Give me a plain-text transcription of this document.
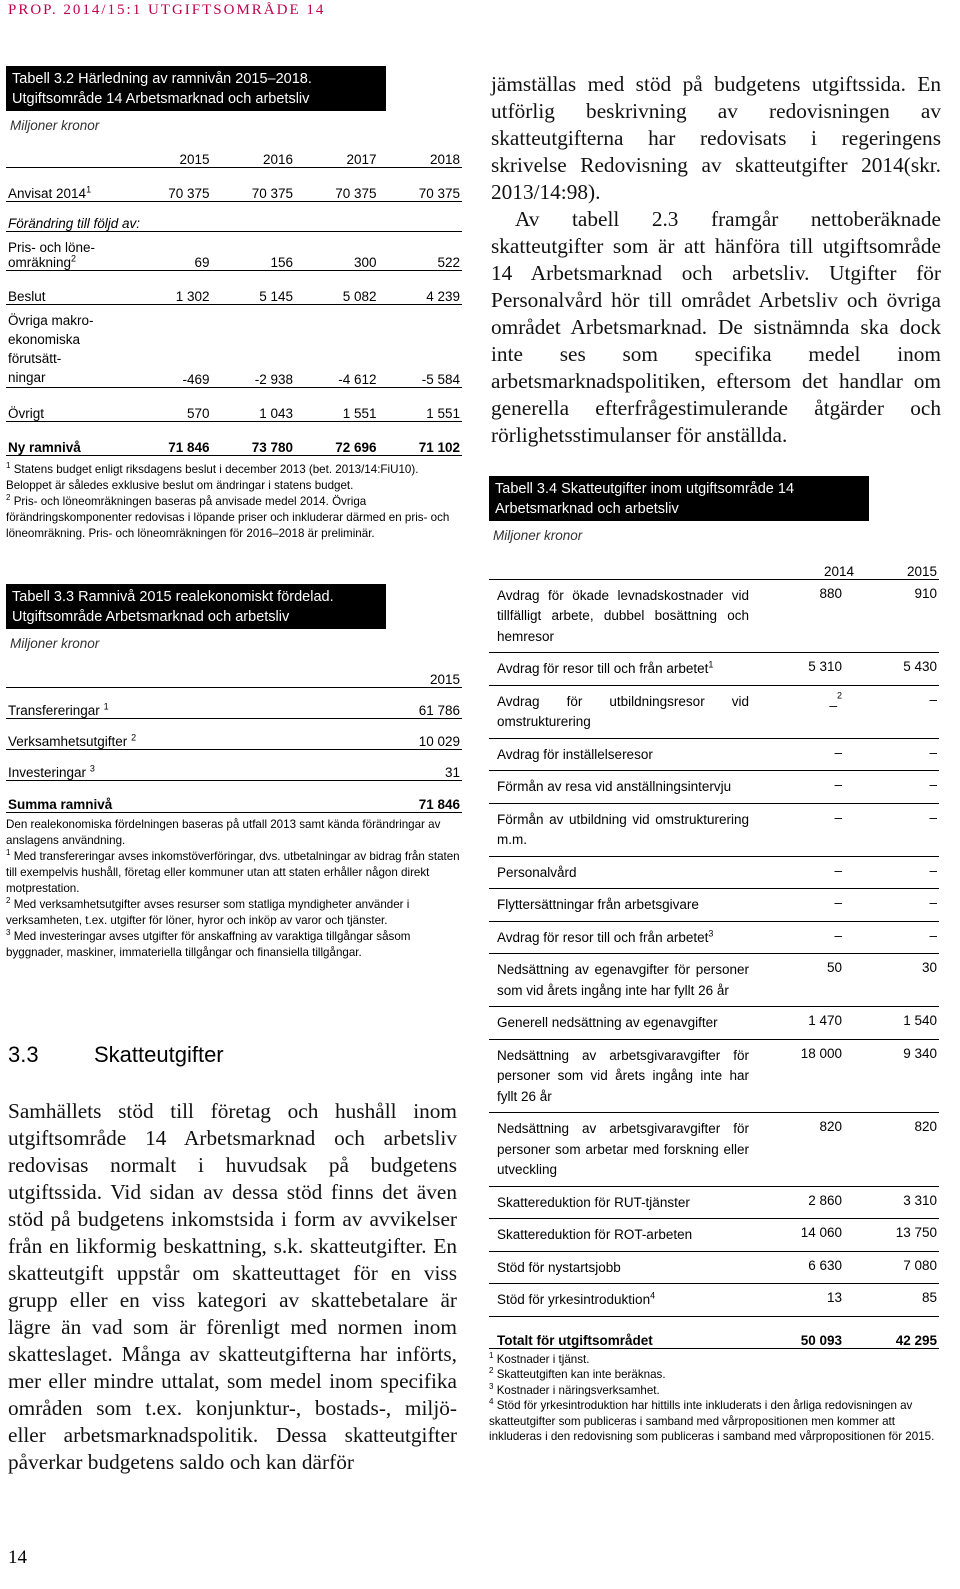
PROP. 2014/15:1 UTGIFTSOMRÅDE 14
Tabell 3.2 Härledning av ramnivån 2015–2018.
Utgiftsområde 14 Arbetsmarknad och arbetsliv
Miljoner kronor
	2015	2016	2017	2018
Anvisat 2014$^1$	70 375	70 375	70 375	70 375
Förändring till följd av:				

Pris- och löne-
omräkning$^2$	69	156	300	522
Beslut	1 302	5 145	5 082	4 239

Övriga makro-
ekonomiska
förutsätt-
ningar	-469	-2 938	-4 612	-5 584
Övrigt	570	1 043	1 551	1 551
Ny ramnivå	71 846	73 780	72 696	71 102
$^1$ Statens budget enligt riksdagens beslut i december 2013 (bet. 2013/14:FiU10). Beloppet är således exklusive beslut om ändringar i statens budget.
$^2$ Pris- och löneomräkningen baseras på anvisade medel 2014. Övriga förändringskomponenter redovisas i löpande priser och inkluderar därmed en pris- och löneomräkning. Pris- och löneomräkningen för 2016–2018 är preliminär.
Tabell 3.3 Ramnivå 2015 realekonomiskt fördelad.
Utgiftsområde Arbetsmarknad och arbetsliv
Miljoner kronor
	2015
Transfereringar $^1$	61 786
Verksamhetsutgifter $^2$	10 029
Investeringar $^3$	31
Summa ramnivå	71 846
Den realekonomiska fördelningen baseras på utfall 2013 samt kända förändringar av anslagens användning.
$^1$ Med transfereringar avses inkomstöverföringar, dvs. utbetalningar av bidrag från staten till exempelvis hushåll, företag eller kommuner utan att staten erhåller någon direkt motprestation.
$^2$ Med verksamhetsutgifter avses resurser som statliga myndigheter använder i verksamheten, t.ex. utgifter för löner, hyror och inköp av varor och tjänster.
$^3$ Med investeringar avses utgifter för anskaffning av varaktiga tillgångar såsom byggnader, maskiner, immateriella tillgångar och finansiella tillgångar.
3.3	Skatteutgifter
Samhällets stöd till företag och hushåll inom utgiftsområde 14 Arbetsmarknad och arbetsliv redovisas normalt i huvudsak på budgetens utgiftssida. Vid sidan av dessa stöd finns det även stöd på budgetens inkomstsida i form av avvikelser från en likformig beskattning, s.k. skatteutgifter. En skatteutgift uppstår om skatteuttaget för en viss grupp eller en viss kategori av skattebetalare är lägre än vad som är förenligt med normen inom skatteslaget. Många av skatteutgifterna har införts, mer eller mindre uttalat, som medel inom specifika områden som t.ex. konjunktur-, bostads-, miljö- eller arbetsmarknadspolitik. Dessa skatteutgifter påverkar budgetens saldo och kan därför
jämställas med stöd på budgetens utgiftssida. En utförlig beskrivning av redovisningen av skatteutgifterna har redovisats i regeringens skrivelse Redovisning av skatteutgifter 2014(skr. 2013/14:98).
Av tabell 2.3 framgår nettoberäknade skatteutgifter som är att hänföra till utgiftsområde 14 Arbetsmarknad och arbetsliv. Utgifter för Personalvård hör till området Arbetsliv och övriga området Arbetsmarknad. De sistnämnda ska dock inte ses som specifika medel inom arbetsmarknadspolitiken, eftersom det handlar om generella efterfrågestimulerande åtgärder och rörlighetsstimulanser för anställda.
Tabell 3.4 Skatteutgifter inom utgiftsområde 14
Arbetsmarknad och arbetsliv
Miljoner kronor
	2014	2015
Avdrag för ökade levnadskostnader vid tillfälligt arbete, dubbel bosättning och hemresor	880	910
Avdrag för resor till och från arbetet$^1$	5 310	5 430
Avdrag för utbildningsresor vid omstrukturering	_$^2$	–
Avdrag för inställelseresor	–	–
Förmån av resa vid anställningsintervju	–	–
Förmån av utbildning vid omstrukturering m.m.	–	–
Personalvård	–	–
Flyttersättningar från arbetsgivare	–	–
Avdrag för resor till och från arbetet$^3$	–	–
Nedsättning av egenavgifter för personer som vid årets ingång inte har fyllt 26 år	50	30
Generell nedsättning av egenavgifter	1 470	1 540
Nedsättning av arbetsgivaravgifter för personer som vid årets ingång inte har fyllt 26 år	18 000	9 340
Nedsättning av arbetsgivaravgifter för personer som arbetar med forskning eller utveckling	820	820
Skattereduktion för RUT-tjänster	2 860	3 310
Skattereduktion för ROT-arbeten	14 060	13 750
Stöd för nystartsjobb	6 630	7 080
Stöd för yrkesintroduktion$^4$	13	85
Totalt för utgiftsområdet	50 093	42 295
$^1$ Kostnader i tjänst.
$^2$ Skatteutgiften kan inte beräknas.
$^3$ Kostnader i näringsverksamhet.
$^4$ Stöd för yrkesintroduktion har hittills inte inkluderats i den årliga redovisningen av skatteutgifter som publiceras i samband med vårpropositionen men kommer att inkluderas i den redovisning som publiceras i samband med vårpropositionen för 2015.
14
